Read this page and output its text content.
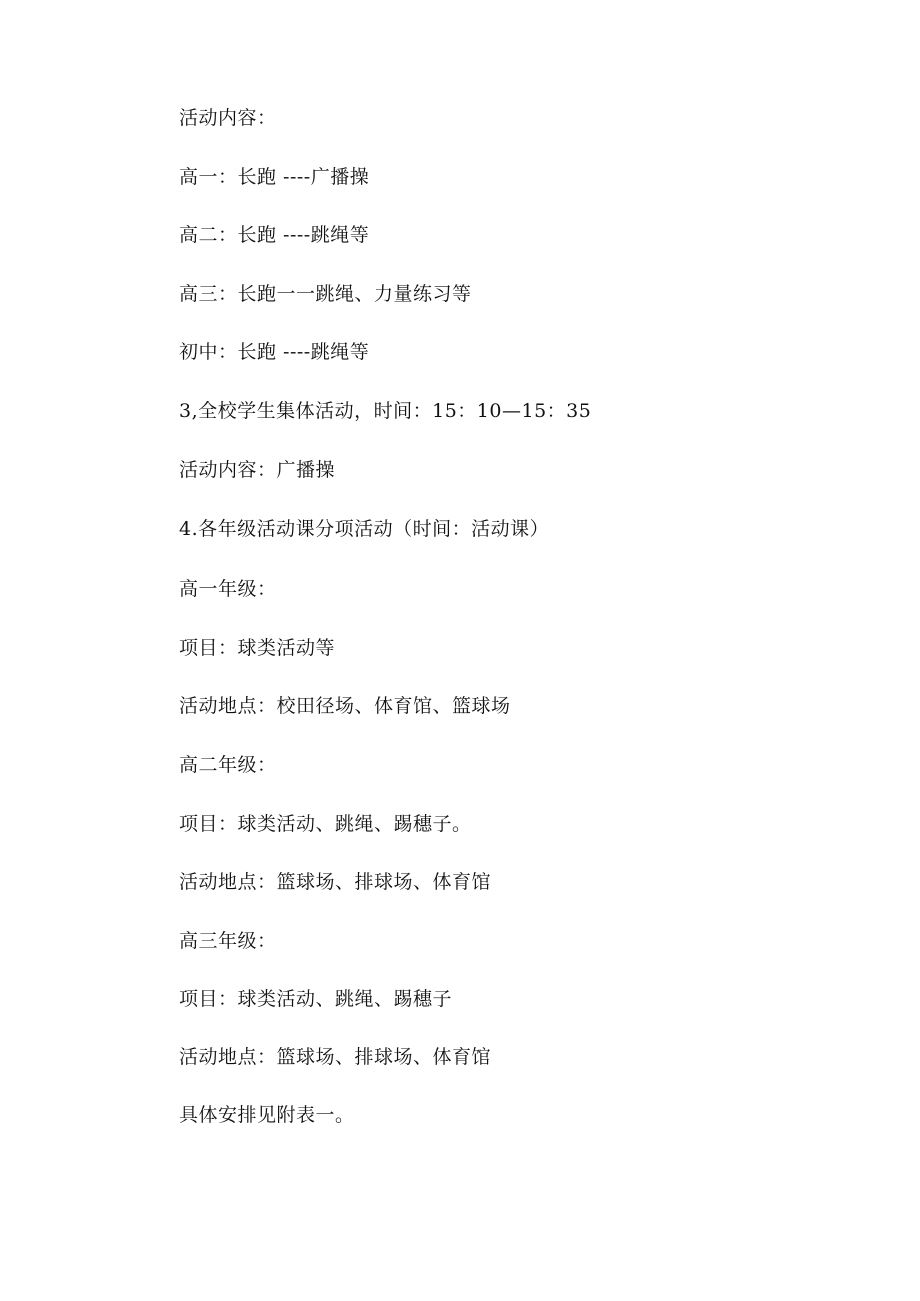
活动内容：

高一：长跑 ----广播操

高二：长跑 ----跳绳等

高三：长跑一一跳绳、力量练习等

初中：长跑 ----跳绳等

3,全校学生集体活动，时间：15：10—15：35

活动内容：广播操

4.各年级活动课分项活动（时间：活动课）

高一年级：

项目：球类活动等

活动地点：校田径场、体育馆、篮球场

高二年级：

项目：球类活动、跳绳、踢穗子。

活动地点：篮球场、排球场、体育馆

高三年级：

项目：球类活动、跳绳、踢穗子

活动地点：篮球场、排球场、体育馆

具体安排见附表一。
